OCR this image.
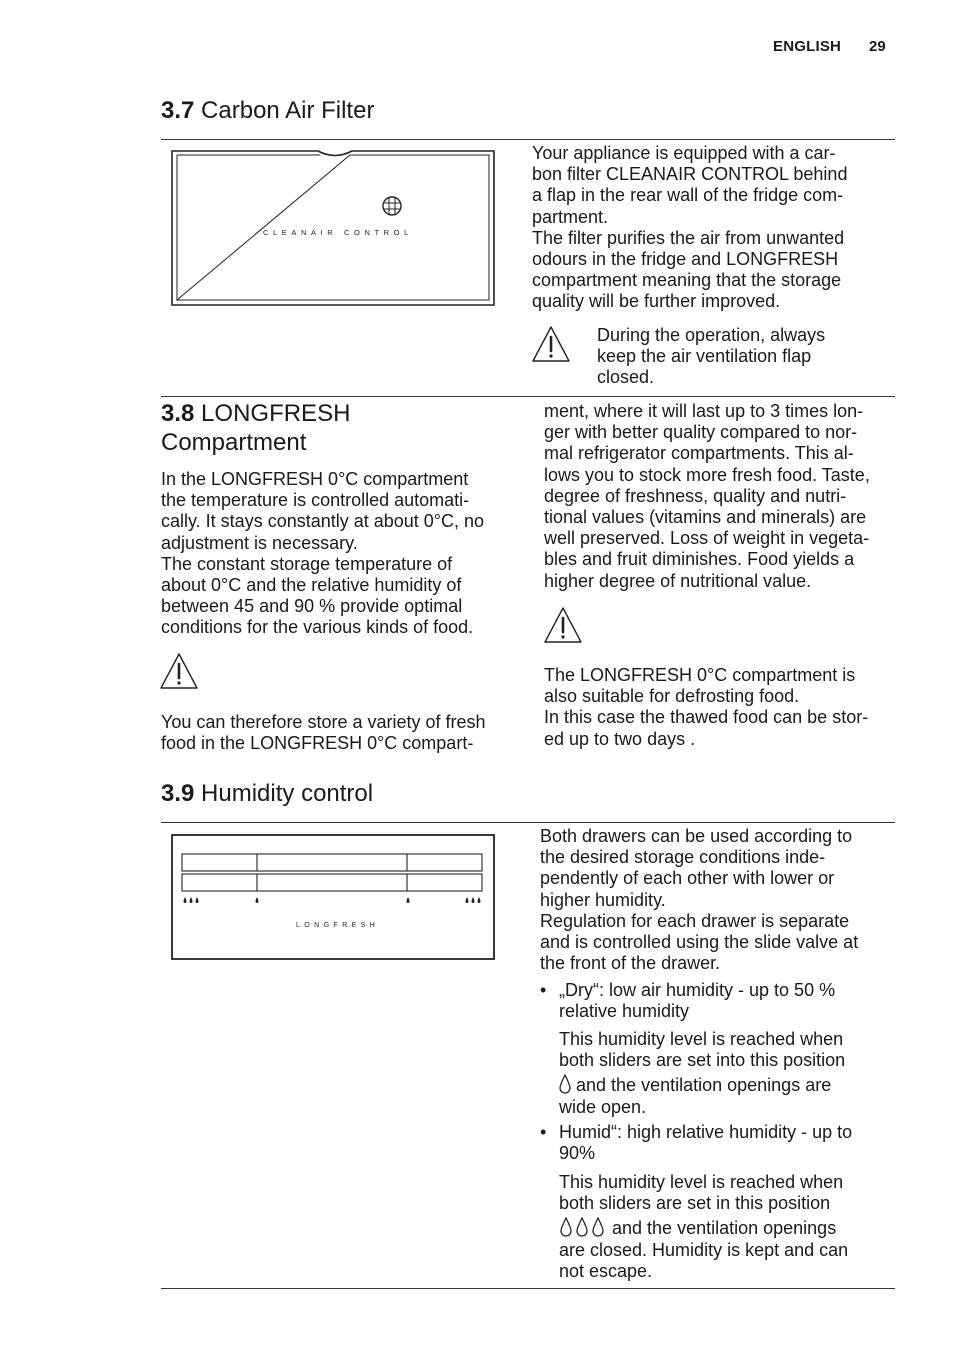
ENGLISH 29
3.7 Carbon Air Filter
CLEANAIR CONTROL

Your appliance is equipped with a car-

bon filter CLEANAIR CONTROL behind

a flap in the rear wall of the fridge com-

partment.

The filter purifies the air from unwanted

odours in the fridge and LONGFRESH

compartment meaning that the storage

quality will be further improved.

During the operation, always

keep the air ventilation flap

closed.

3.8 LONGFRESH
Compartment

In the LONGFRESH 0°C compartment

the temperature is controlled automati-

cally. It stays constantly at about 0°C, no

adjustment is necessary.

The constant storage temperature of

about 0°C and the relative humidity of

between 45 and 90 % provide optimal

conditions for the various kinds of food.

You can therefore store a variety of fresh

food in the LONGFRESH 0°C compart-

ment, where it will last up to 3 times lon-

ger with better quality compared to nor-

mal refrigerator compartments. This al-

lows you to stock more fresh food. Taste,

degree of freshness, quality and nutri-

tional values (vitamins and minerals) are

well preserved. Loss of weight in vegeta-

bles and fruit diminishes. Food yields a

higher degree of nutritional value.

The LONGFRESH 0°C compartment is

also suitable for defrosting food.

In this case the thawed food can be stor-

ed up to two days .

3.9 Humidity control
LONGFRESH

Both drawers can be used according to

the desired storage conditions inde-

pendently of each other with lower or

higher humidity.

Regulation for each drawer is separate

and is controlled using the slide valve at

the front of the drawer.

• „Dry“: low air humidity - up to 50 %
relative humidity

This humidity level is reached when

both sliders are set into this position

and the ventilation openings are

wide open.

• Humid“: high relative humidity - up to
90%

This humidity level is reached when

both sliders are set in this position

and the ventilation openings

are closed. Humidity is kept and can

not escape.
